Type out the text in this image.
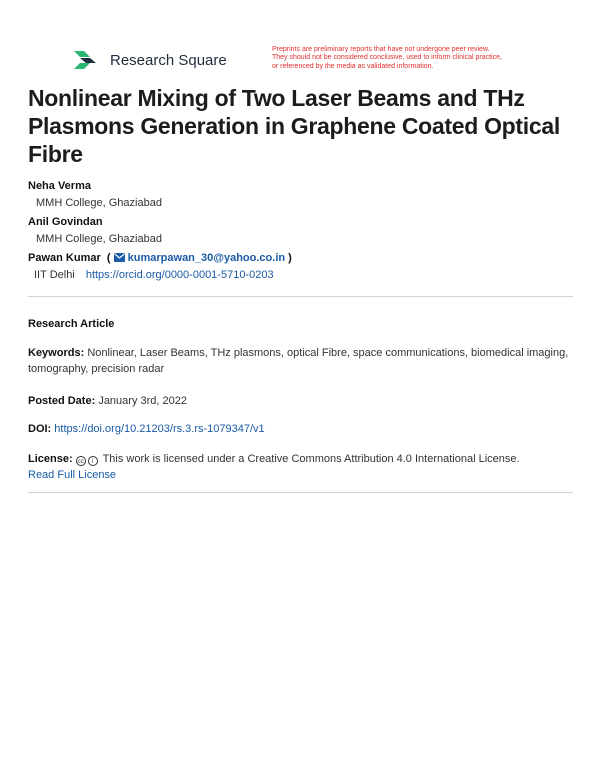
Research Square
Preprints are preliminary reports that have not undergone peer review.
They should not be considered conclusive, used to inform clinical practice,
or referenced by the media as validated information.
Nonlinear Mixing of Two Laser Beams and THz Plasmons Generation in Graphene Coated Optical Fibre
Neha Verma
MMH College, Ghaziabad
Anil Govindan
MMH College, Ghaziabad
Pawan Kumar  (  kumarpawan_30@yahoo.co.in )
IIT Delhi https://orcid.org/0000-0001-5710-0203
Research Article
Keywords: Nonlinear, Laser Beams, THz plasmons, optical Fibre, space communications, biomedical imaging, tomography, precision radar
Posted Date: January 3rd, 2022
DOI: https://doi.org/10.21203/rs.3.rs-1079347/v1
License: cc i This work is licensed under a Creative Commons Attribution 4.0 International License.
Read Full License
